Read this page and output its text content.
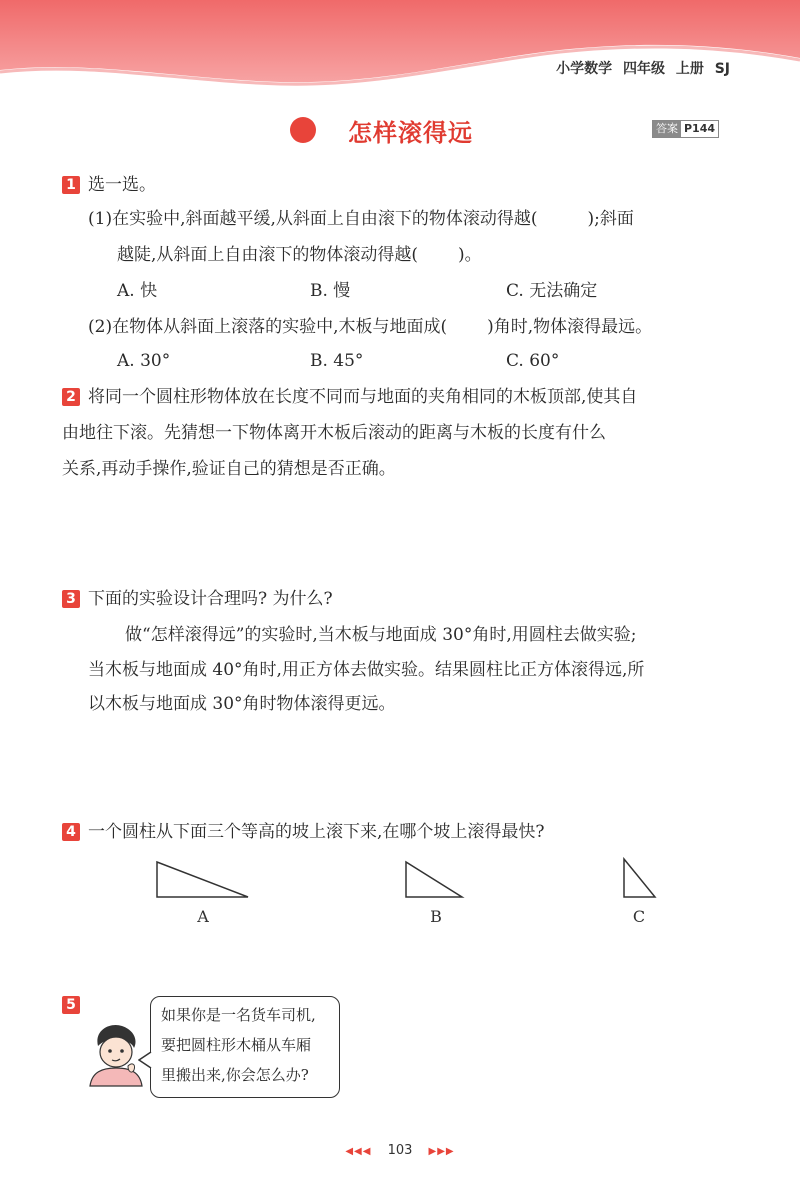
小学数学 四年级 上册 SJ
怎样滚得远	答案 P144
1 选一选。
(1)在实验中,斜面越平缓,从斜面上自由滚下的物体滚动得越(	);斜面
越陡,从斜面上自由滚下的物体滚动得越( )。
A. 快	B. 慢	C. 无法确定
(2)在物体从斜面上滚落的实验中,木板与地面成( )角时,物体滚得最远。
A. 30°	B. 45°	C. 60°
2 将同一个圆柱形物体放在长度不同而与地面的夹角相同的木板顶部,使其自
由地往下滚。先猜想一下物体离开木板后滚动的距离与木板的长度有什么
关系,再动手操作,验证自己的猜想是否正确。
3 下面的实验设计合理吗? 为什么?
做“怎样滚得远”的实验时,当木板与地面成 30°角时,用圆柱去做实验;
当木板与地面成 40°角时,用正方体去做实验。结果圆柱比正方体滚得远,所
以木板与地面成 30°角时物体滚得更远。
4 一个圆柱从下面三个等高的坡上滚下来,在哪个坡上滚得最快?
A	B	C
5
如果你是一名货车司机,
要把圆柱形木桶从车厢
里搬出来,你会怎么办?
◀◀◀ 103 ▶▶▶
